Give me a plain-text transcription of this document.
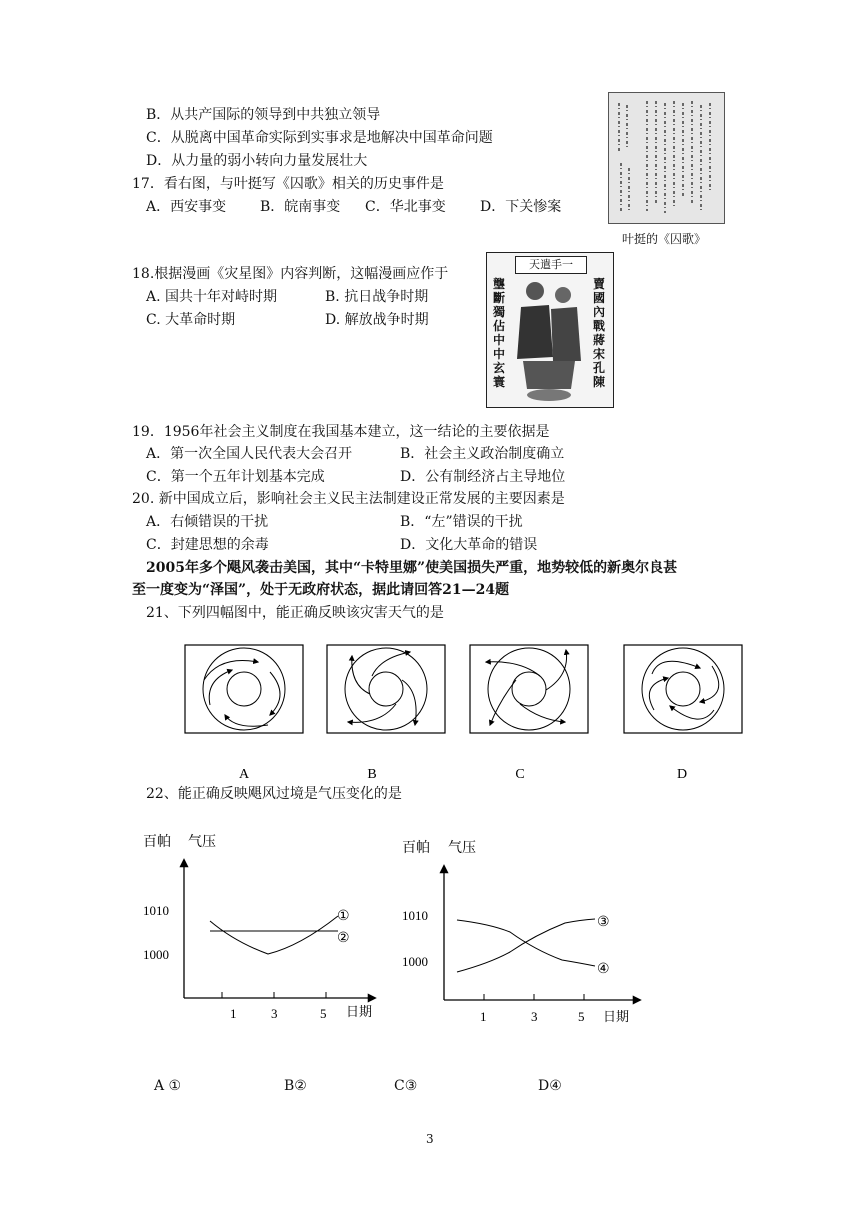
B．从共产国际的领导到中共独立领导
C．从脱离中国革命实际到实事求是地解决中国革命问题
D．从力量的弱小转向力量发展壮大
17．看右图，与叶挺写《囚歌》相关的历史事件是
A．西安事变 B．皖南事变 C．华北事变 D．下关惨案
叶挺的《囚歌》
18.根据漫画《灾星图》内容判断，这幅漫画应作于
A. 国共十年对峙时期	B. 抗日战争时期
C. 大革命时期	D. 解放战争时期
天遣手一
賣國內戰蔣宋孔陳
壟斷獨佔中中玄寰
19．1956年社会主义制度在我国基本建立，这一结论的主要依据是
A．第一次全国人民代表大会召开	B．社会主义政治制度确立
C．第一个五年计划基本完成	D．公有制经济占主导地位
20. 新中国成立后，影响社会主义民主法制建设正常发展的主要因素是
A．右倾错误的干扰	B．“左”错误的干扰
C．封建思想的余毒	D．文化大革命的错误
2005年多个飓风袭击美国，其中“卡特里娜”使美国损失严重，地势较低的新奥尔良甚
至一度变为“泽国”，处于无政府状态，据此请回答21—24题
21、下列四幅图中，能正确反映该灾害天气的是
A	B	C	D
22、能正确反映飓风过境是气压变化的是
百帕 气压
1010
1000
1	3	5 日期
①
②
百帕 气压
1010
1000
1	3	5 日期
③
④
A ①	B②	C③	D④
3
